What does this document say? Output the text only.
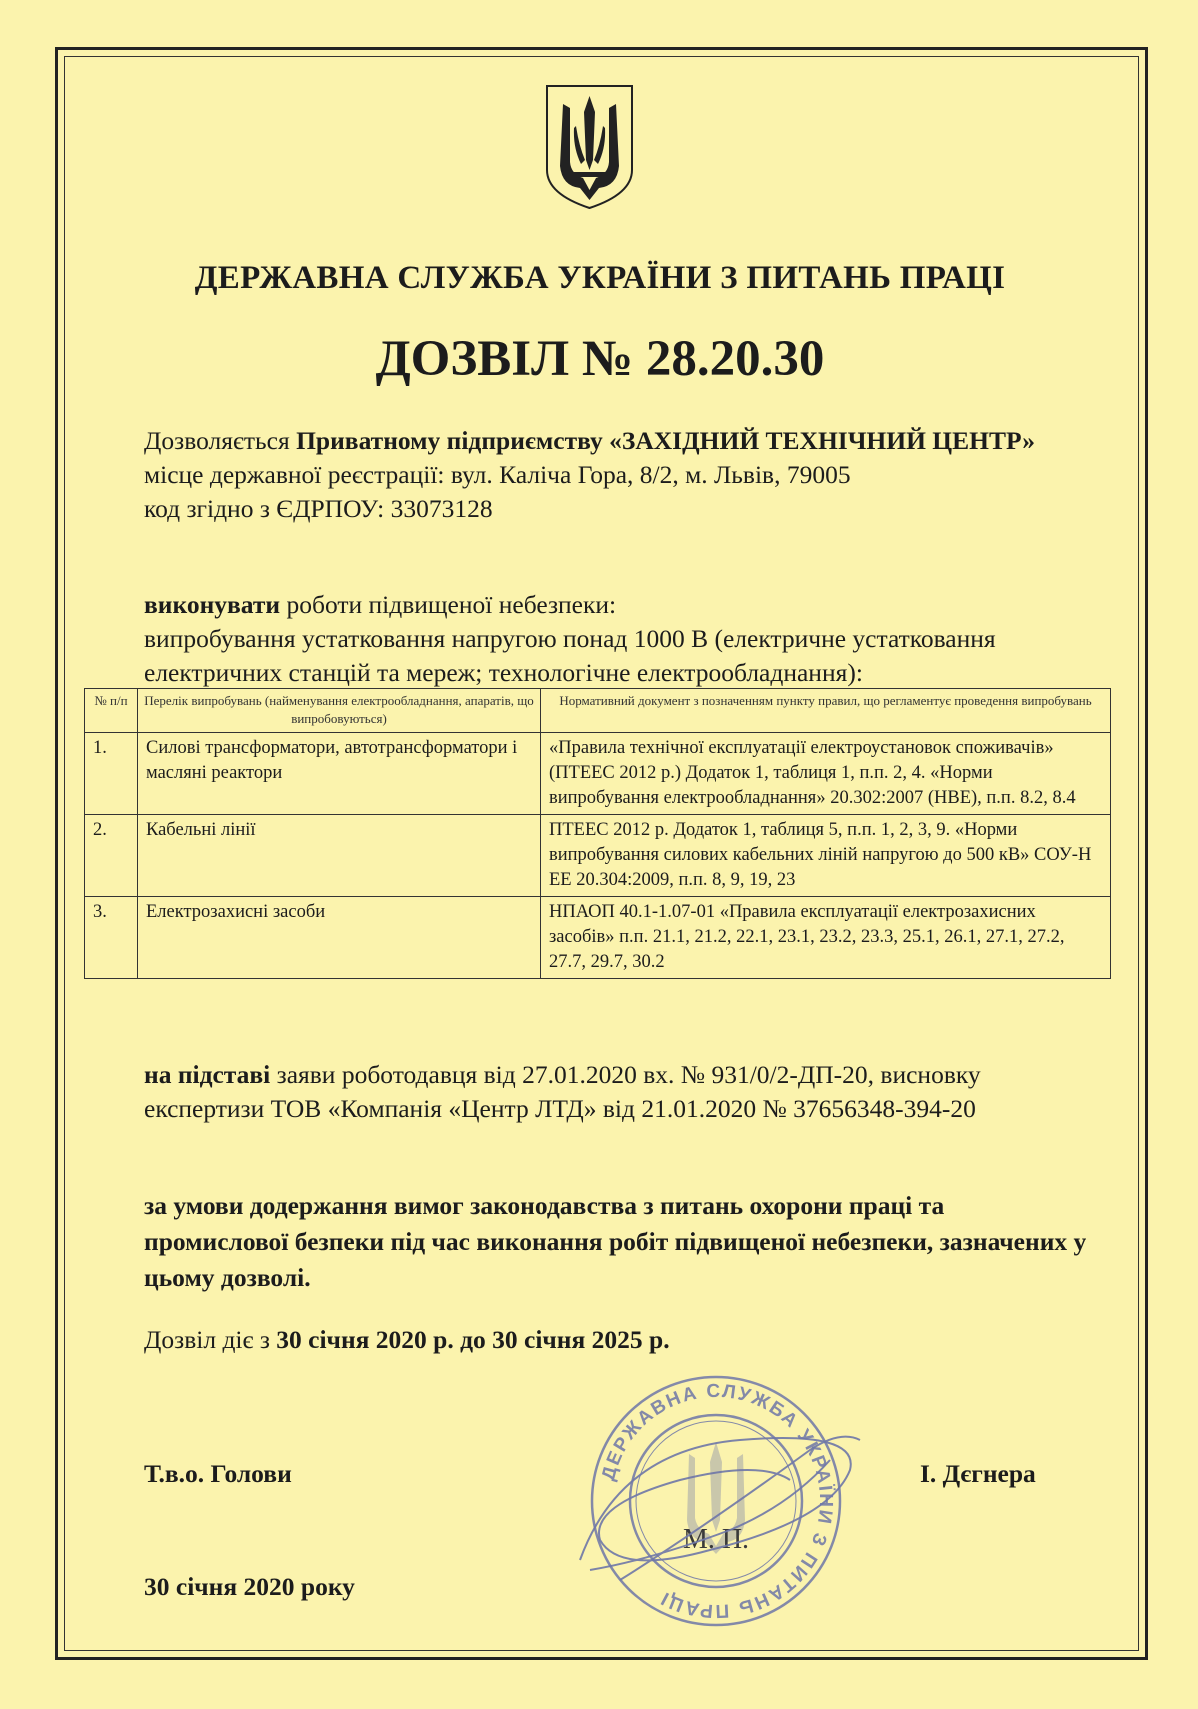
ДЕРЖАВНА СЛУЖБА УКРАЇНИ З ПИТАНЬ ПРАЦІ
ДОЗВІЛ № 28.20.30
Дозволяється Приватному підприємству «ЗАХІДНИЙ ТЕХНІЧНИЙ ЦЕНТР»
місце державної реєстрації: вул. Каліча Гора, 8/2, м. Львів, 79005
код згідно з ЄДРПОУ: 33073128
виконувати роботи підвищеної небезпеки:
випробування устатковання напругою понад 1000 В (електричне устатковання електричних станцій та мереж; технологічне електрообладнання):
№ п/п	Перелік випробувань (найменування електрообладнання, апаратів, що випробовуються)	Нормативний документ з позначенням пункту правил, що регламентує проведення випробувань
1.	Силові трансформатори, автотрансформатори і масляні реактори	«Правила технічної експлуатації електроустановок споживачів» (ПТЕЕС 2012 р.) Додаток 1, таблиця 1, п.п. 2, 4. «Норми випробування електрообладнання» 20.302:2007 (НВЕ), п.п. 8.2, 8.4
2.	Кабельні лінії	ПТЕЕС 2012 р. Додаток 1, таблиця 5, п.п. 1, 2, 3, 9. «Норми випробування силових кабельних ліній напругою до 500 кВ» СОУ-Н ЕЕ 20.304:2009, п.п. 8, 9, 19, 23
3.	Електрозахисні засоби	НПАОП 40.1-1.07-01 «Правила експлуатації електрозахисних засобів» п.п. 21.1, 21.2, 22.1, 23.1, 23.2, 23.3, 25.1, 26.1, 27.1, 27.2, 27.7, 29.7, 30.2
на підставі заяви роботодавця від 27.01.2020 вх. № 931/0/2-ДП-20, висновку експертизи ТОВ «Компанія «Центр ЛТД» від 21.01.2020 № 37656348-394-20
за умови додержання вимог законодавства з питань охорони праці та промислової безпеки під час виконання робіт підвищеної небезпеки, зазначених у цьому дозволі.
Дозвіл діє з 30 січня 2020 р. до 30 січня 2025 р.
Т.в.о. Голови	І. Дєгнера
30 січня 2020 року
ДЕРЖАВНА СЛУЖБА УКРАЇНИ З ПИТАНЬ ПРАЦІ
М. П.
